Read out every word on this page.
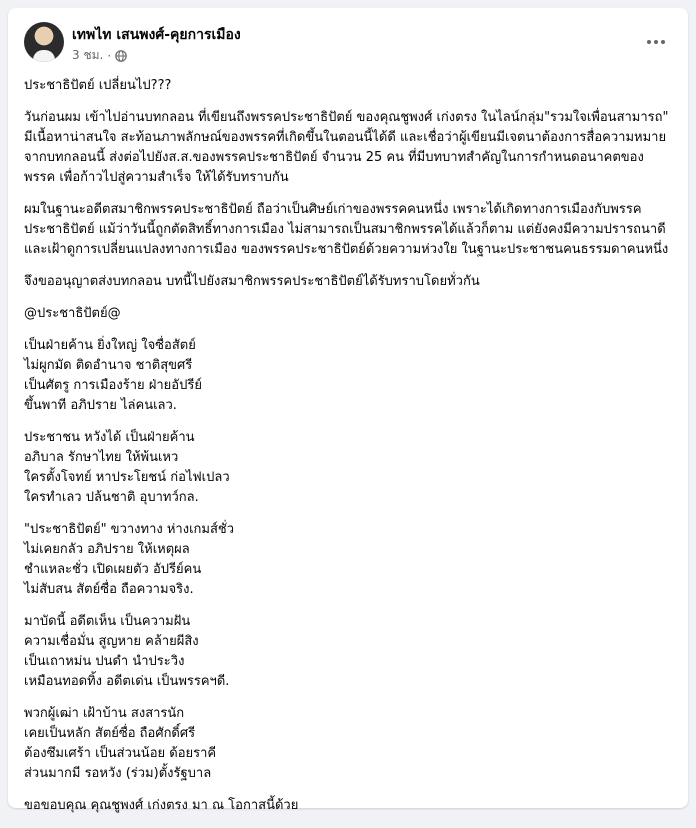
เทพไท เสนพงศ์-คุยการเมือง
3 ชม. ·

ประชาธิปัตย์ เปลี่ยนไป???

วันก่อนผม เข้าไปอ่านบทกลอน ที่เขียนถึงพรรคประชาธิปัตย์ ของคุณชูพงศ์ เก่งตรง ในไลน์กลุ่ม"รวมใจเพื่อนสามารถ" มีเนื้อหาน่าสนใจ สะท้อนภาพลักษณ์ของพรรคที่เกิดขึ้นในตอนนี้ได้ดี และเชื่อว่าผู้เขียนมีเจตนาต้องการสื่อความหมาย จากบทกลอนนี้ ส่งต่อไปยังส.ส.ของพรรคประชาธิปัตย์ จำนวน 25 คน ที่มีบทบาทสำคัญในการกำหนดอนาคตของพรรค เพื่อก้าวไปสู่ความสำเร็จ ให้ได้รับทราบกัน

ผมในฐานะอดีตสมาชิกพรรคประชาธิปัตย์ ถือว่าเป็นศิษย์เก่าของพรรคคนหนึ่ง เพราะได้เกิดทางการเมืองกับพรรคประชาธิปัตย์ แม้ว่าวันนี้ถูกตัดสิทธิ์ทางการเมือง ไม่สามารถเป็นสมาชิกพรรคได้แล้วก็ตาม แต่ยังคงมีความปรารถนาดี และเฝ้าดูการเปลี่ยนแปลงทางการเมือง ของพรรคประชาธิปัตย์ด้วยความห่วงใย ในฐานะประชาชนคนธรรมดาคนหนึ่ง

จึงขออนุญาตส่งบทกลอน บทนี้ไปยังสมาชิกพรรคประชาธิปัตย์ได้รับทราบโดยทั่วกัน

@ประชาธิปัตย์@

เป็นฝ่ายค้าน ยิ่งใหญ่ ใจซื่อสัตย์
ไม่ผูกมัด ติดอำนาจ ชาติสุขศรี
เป็นศัตรู การเมืองร้าย ฝ่ายอัปรีย์
ขึ้นพาที อภิปราย ไล่คนเลว.

ประชาชน หวังได้ เป็นฝ่ายค้าน
อภิบาล รักษาไทย ให้พ้นเหว
ใครตั้งโจทย์ หาประโยชน์ ก่อไฟเปลว
ใครทำเลว ปล้นชาติ อุบาทว์กล.

"ประชาธิปัตย์" ขวางทาง ห่างเกมส์ชั่ว
ไม่เคยกลัว อภิปราย ให้เหตุผล
ชำแหละชั่ว เปิดเผยตัว อัปรีย์คน
ไม่สับสน สัตย์ซื่อ ถือความจริง.

มาบัดนี้ อดีตเห็น เป็นความฝัน
ความเชื่อมั่น สูญหาย คล้ายผีสิง
เป็นเถาหม่น ปนดำ นำประวิง
เหมือนทอดทิ้ง อดีตเด่น เป็นพรรคฯดี.

พวกผู้เฒ่า เฝ้าบ้าน สงสารนัก
เคยเป็นหลัก สัตย์ซื่อ ถือศักดิ์ศรี
ต้องซึมเศร้า เป็นส่วนน้อย ด้อยราคี
ส่วนมากมี รอหวัง (ร่วม)ตั้งรัฐบาล

ขอขอบคุณ คุณชูพงศ์ เก่งตรง มา ณ โอกาสนี้ด้วย
